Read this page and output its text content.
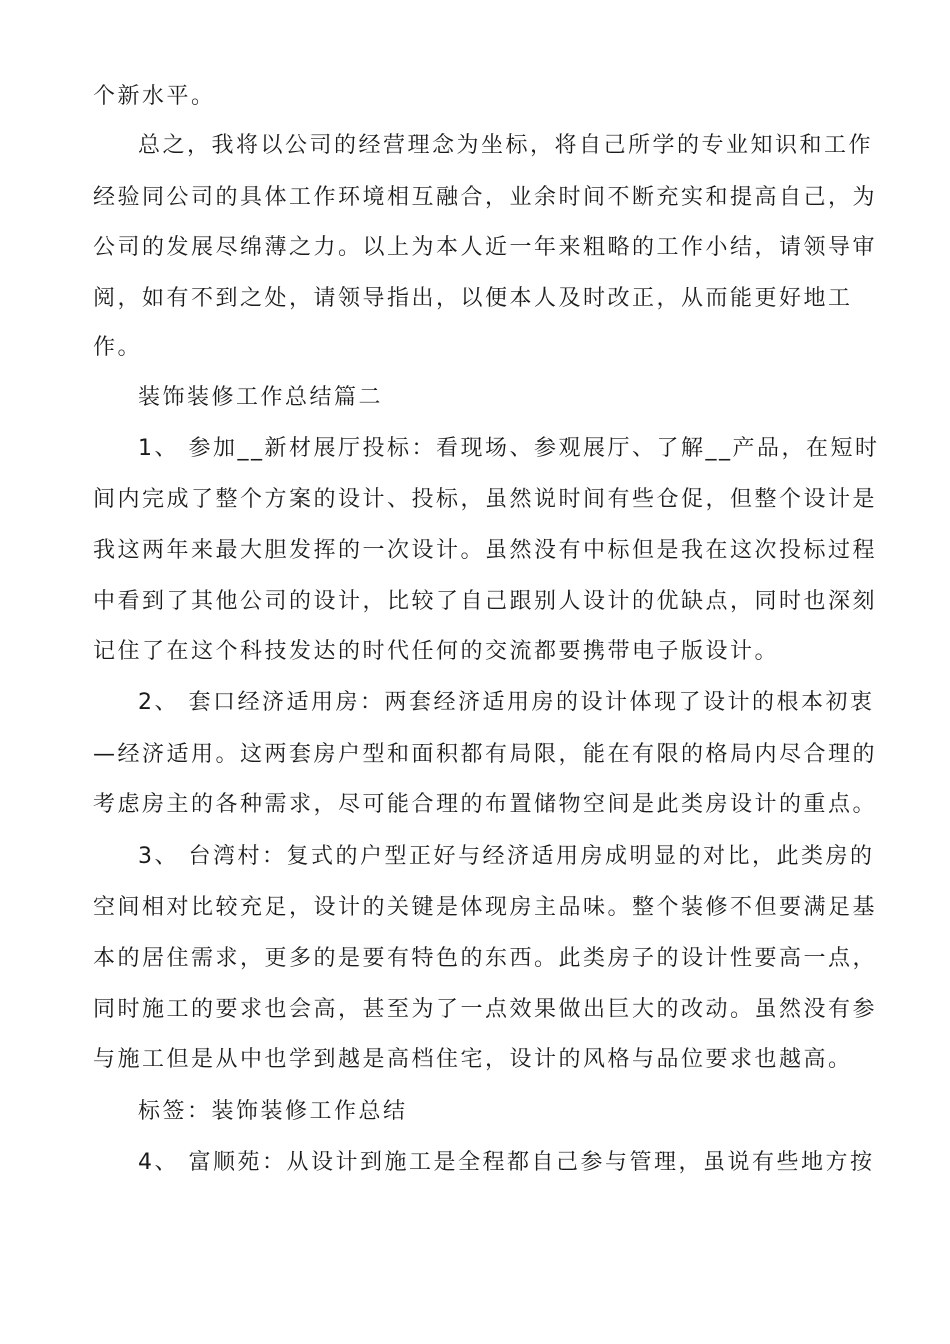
个新水平。
总之，我将以公司的经营理念为坐标，将自己所学的专业知识和工作
经验同公司的具体工作环境相互融合，业余时间不断充实和提高自己，为
公司的发展尽绵薄之力。以上为本人近一年来粗略的工作小结，请领导审
阅，如有不到之处，请领导指出，以便本人及时改正，从而能更好地工
作。
装饰装修工作总结篇二
1、 参加__新材展厅投标：看现场、参观展厅、了解__产品，在短时
间内完成了整个方案的设计、投标，虽然说时间有些仓促，但整个设计是
我这两年来最大胆发挥的一次设计。虽然没有中标但是我在这次投标过程
中看到了其他公司的设计，比较了自己跟别人设计的优缺点，同时也深刻
记住了在这个科技发达的时代任何的交流都要携带电子版设计。
2、 套口经济适用房：两套经济适用房的设计体现了设计的根本初衷
—经济适用。这两套房户型和面积都有局限，能在有限的格局内尽合理的
考虑房主的各种需求，尽可能合理的布置储物空间是此类房设计的重点。
3、 台湾村：复式的户型正好与经济适用房成明显的对比，此类房的
空间相对比较充足，设计的关键是体现房主品味。整个装修不但要满足基
本的居住需求，更多的是要有特色的东西。此类房子的设计性要高一点，
同时施工的要求也会高，甚至为了一点效果做出巨大的改动。虽然没有参
与施工但是从中也学到越是高档住宅，设计的风格与品位要求也越高。
标签：装饰装修工作总结
4、 富顺苑：从设计到施工是全程都自己参与管理，虽说有些地方按
